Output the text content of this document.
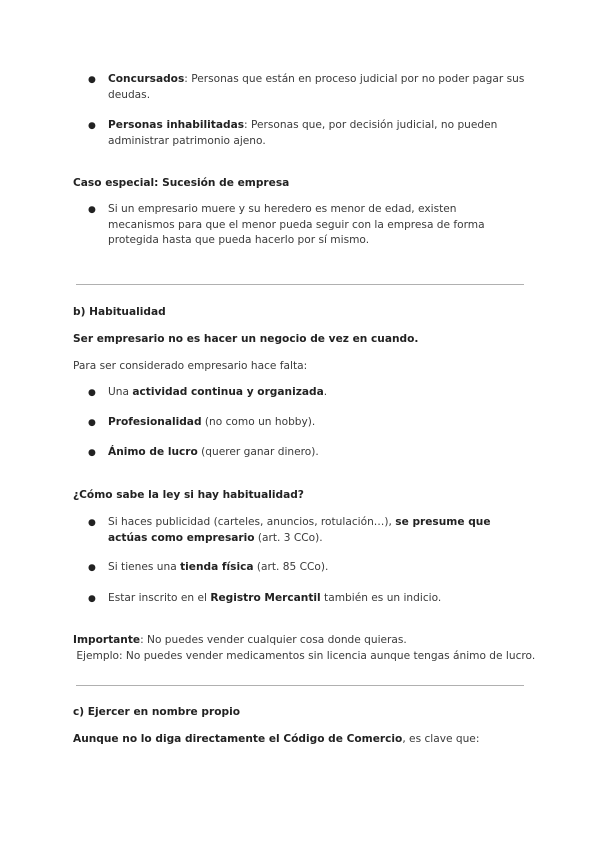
● Concursados: Personas que están en proceso judicial por no poder pagar sus deudas.

● Personas inhabilitadas: Personas que, por decisión judicial, no pueden administrar patrimonio ajeno.

Caso especial: Sucesión de empresa

● Si un empresario muere y su heredero es menor de edad, existen mecanismos para que el menor pueda seguir con la empresa de forma protegida hasta que pueda hacerlo por sí mismo.

b) Habitualidad

Ser empresario no es hacer un negocio de vez en cuando.

Para ser considerado empresario hace falta:

● Una actividad continua y organizada.

● Profesionalidad (no como un hobby).

● Ánimo de lucro (querer ganar dinero).

¿Cómo sabe la ley si hay habitualidad?

● Si haces publicidad (carteles, anuncios, rotulación…), se presume que actúas como empresario (art. 3 CCo).

● Si tienes una tienda física (art. 85 CCo).

● Estar inscrito en el Registro Mercantil también es un indicio.

Importante: No puedes vender cualquier cosa donde quieras.

Ejemplo: No puedes vender medicamentos sin licencia aunque tengas ánimo de lucro.

c) Ejercer en nombre propio

Aunque no lo diga directamente el Código de Comercio, es clave que:
